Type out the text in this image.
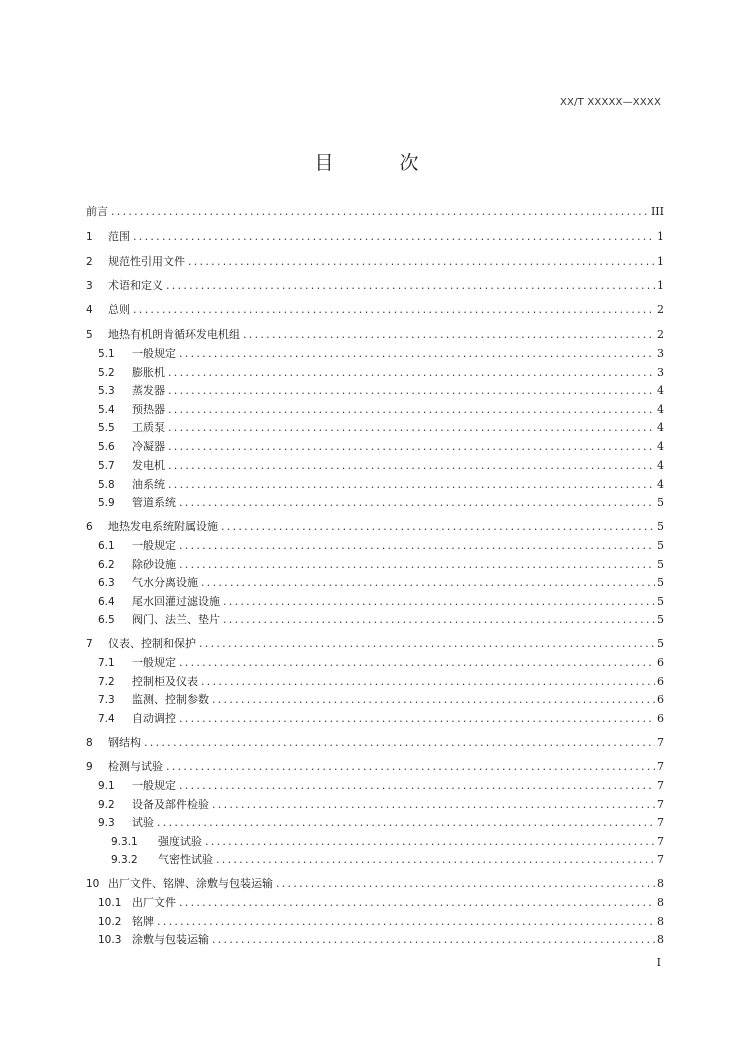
XX/T XXXXX—XXXX
目 次
前言 . . .	III
1	范围 . . .	1
2	规范性引用文件 . . .	1
3	术语和定义 . . .	1
4	总则 . . .	2
5	地热有机朗肯循环发电机组 . . .	2
5.1	一般规定 . . .	3
5.2	膨胀机 . . .	3
5.3	蒸发器 . . .	4
5.4	预热器 . . .	4
5.5	工质泵 . . .	4
5.6	冷凝器 . . .	4
5.7	发电机 . . .	4
5.8	油系统 . . .	4
5.9	管道系统 . . .	5
6	地热发电系统附属设施 . . .	5
6.1	一般规定 . . .	5
6.2	除砂设施 . . .	5
6.3	气水分离设施 . . .	5
6.4	尾水回灌过滤设施 . . .	5
6.5	阀门、法兰、垫片 . . .	5
7	仪表、控制和保护 . . .	5
7.1	一般规定 . . .	6
7.2	控制柜及仪表 . . .	6
7.3	监测、控制参数 . . .	6
7.4	自动调控 . . .	6
8	钢结构 . . .	7
9	检测与试验 . . .	7
9.1	一般规定 . . .	7
9.2	设备及部件检验 . . .	7
9.3	试验 . . .	7
9.3.1	强度试验 . . .	7
9.3.2	气密性试验 . . .	7
10 出厂文件、铭牌、涂敷与包装运输 . . .	8
10.1 出厂文件 . . .	8
10.2 铭牌 . . .	8
10.3 涂敷与包装运输 . . .	8
I
